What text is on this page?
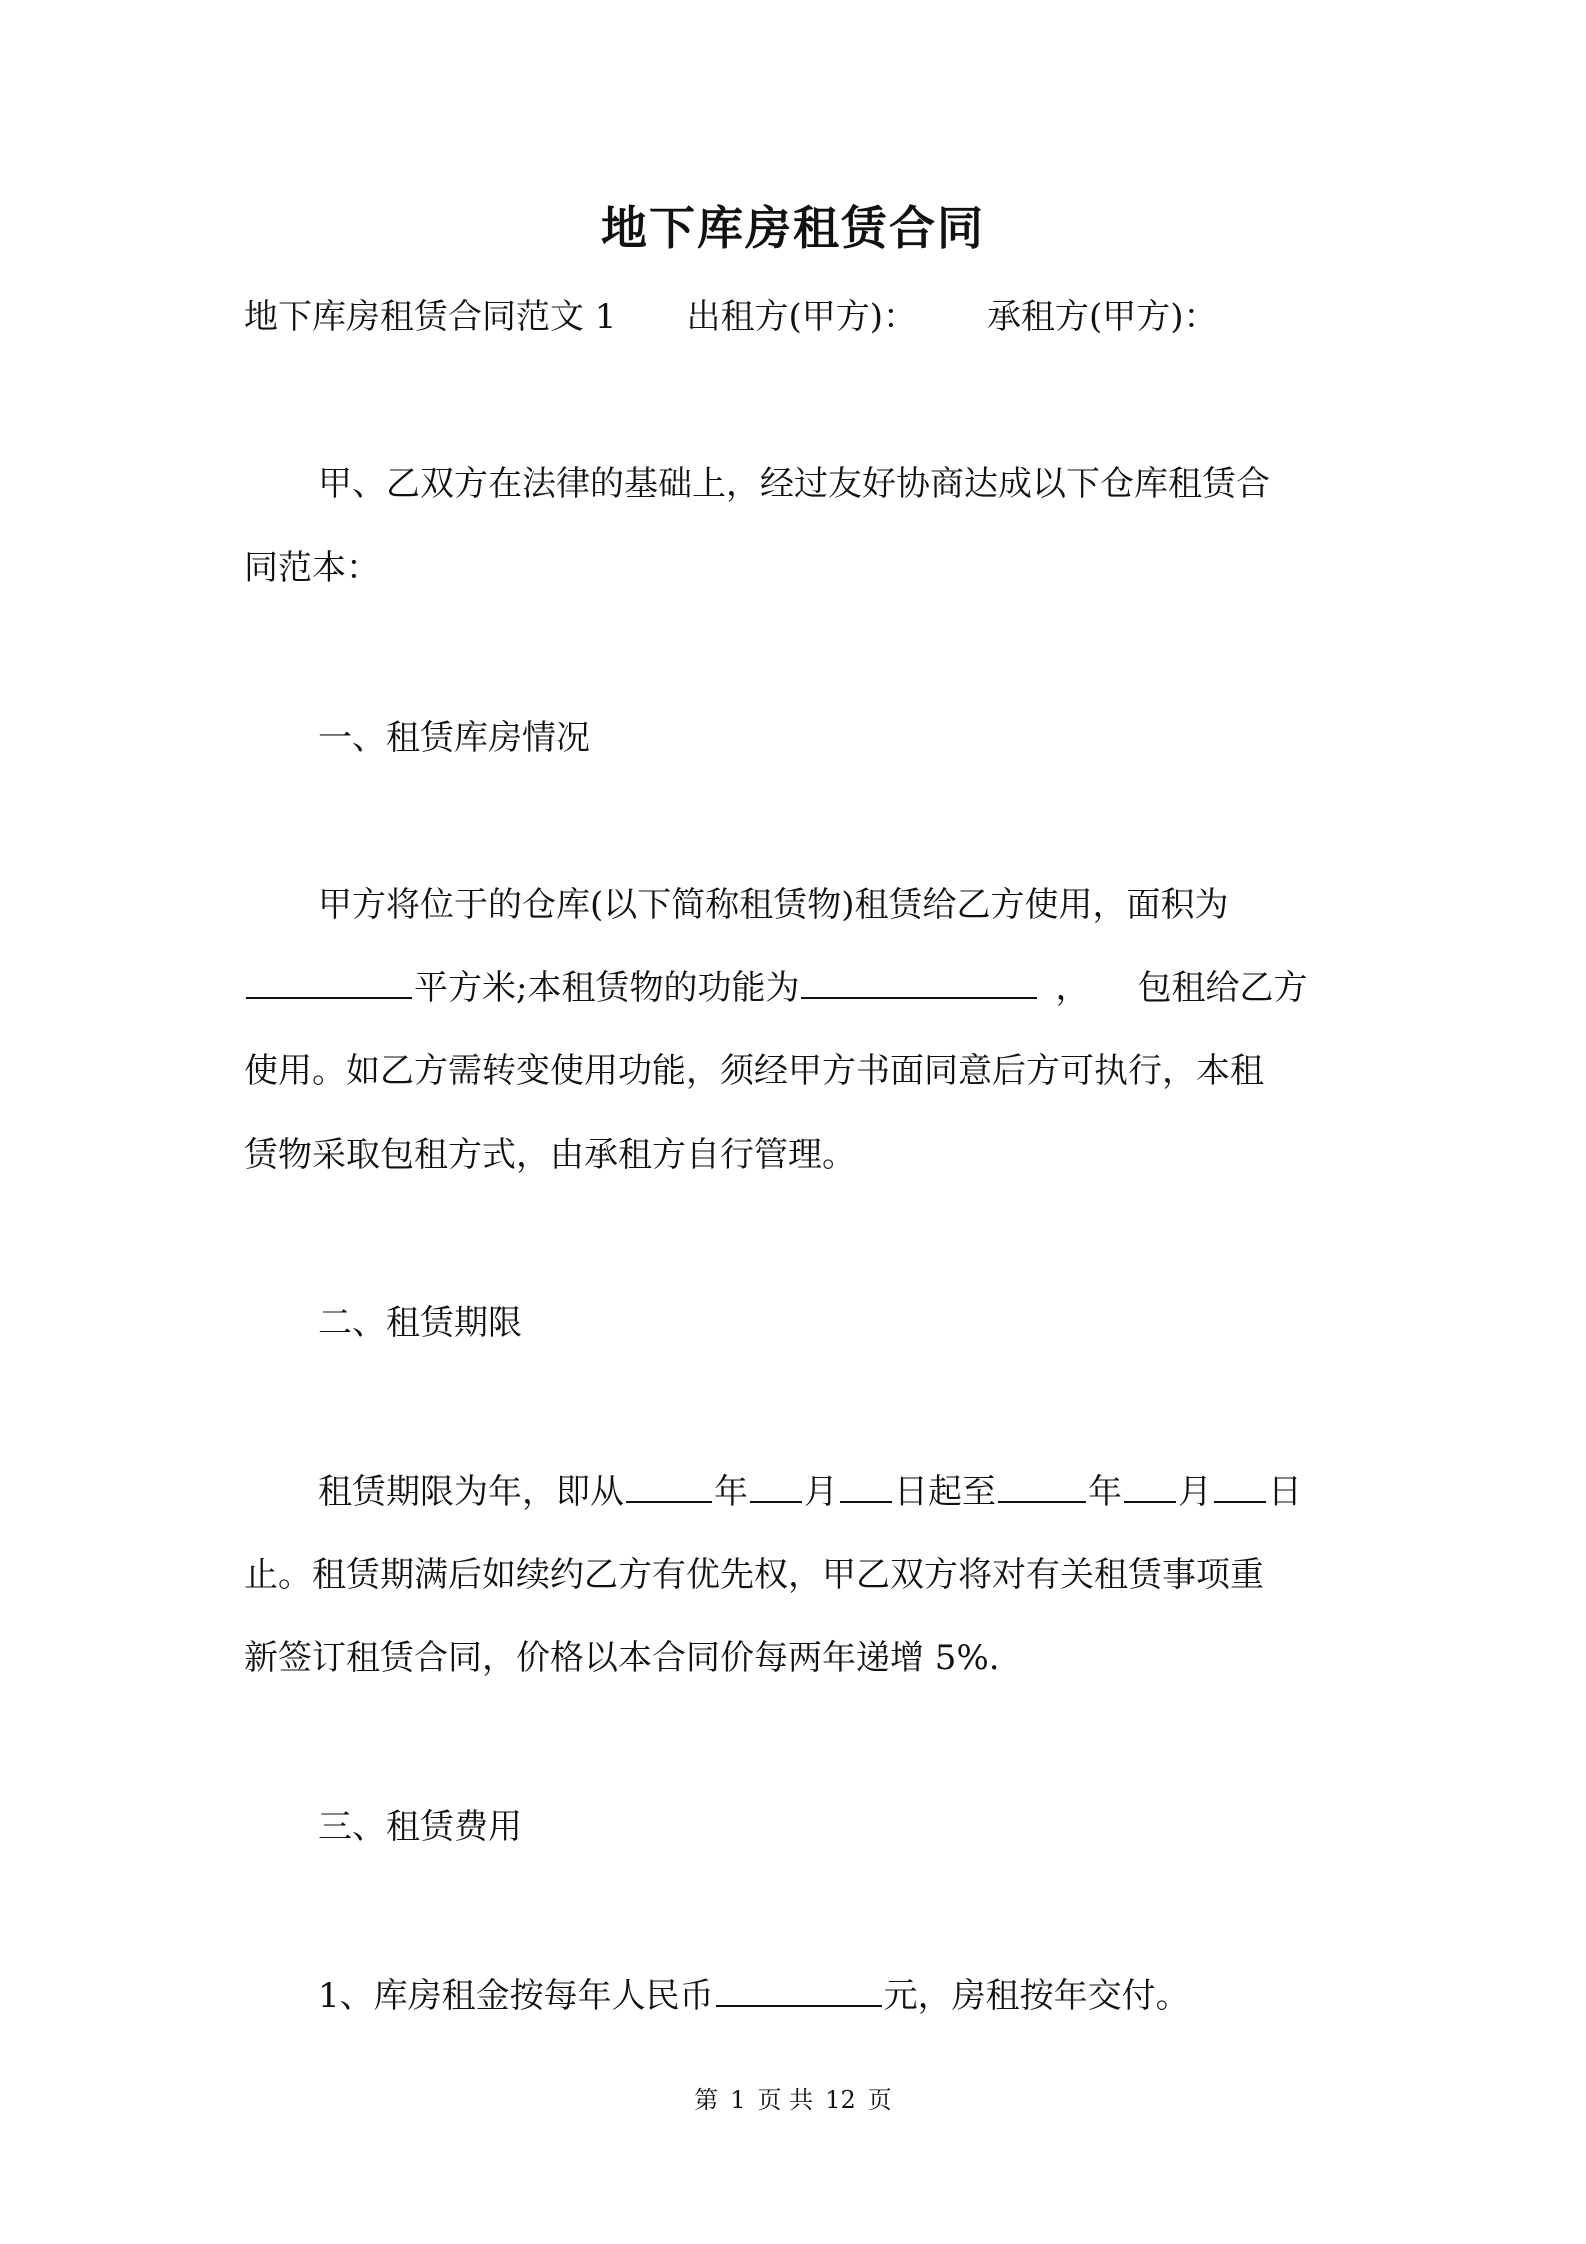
地下库房租赁合同
地下库房租赁合同范文 1 出租方(甲方)： 承租方(甲方)：
甲、乙双方在法律的基础上，经过友好协商达成以下仓库租赁合
同范本：
一、租赁库房情况
甲方将位于的仓库(以下简称租赁物)租赁给乙方使用，面积为
平方米;本租赁物的功能为	， 包租给乙方
使用。如乙方需转变使用功能，须经甲方书面同意后方可执行，本租
赁物采取包租方式，由承租方自行管理。
二、租赁期限
租赁期限为年，即从	年 月 日起至	年 月 日
止。租赁期满后如续约乙方有优先权，甲乙双方将对有关租赁事项重
新签订租赁合同，价格以本合同价每两年递增 5%.
三、租赁费用
1、库房租金按每年人民币	元，房租按年交付。
第 1 页 共 12 页
